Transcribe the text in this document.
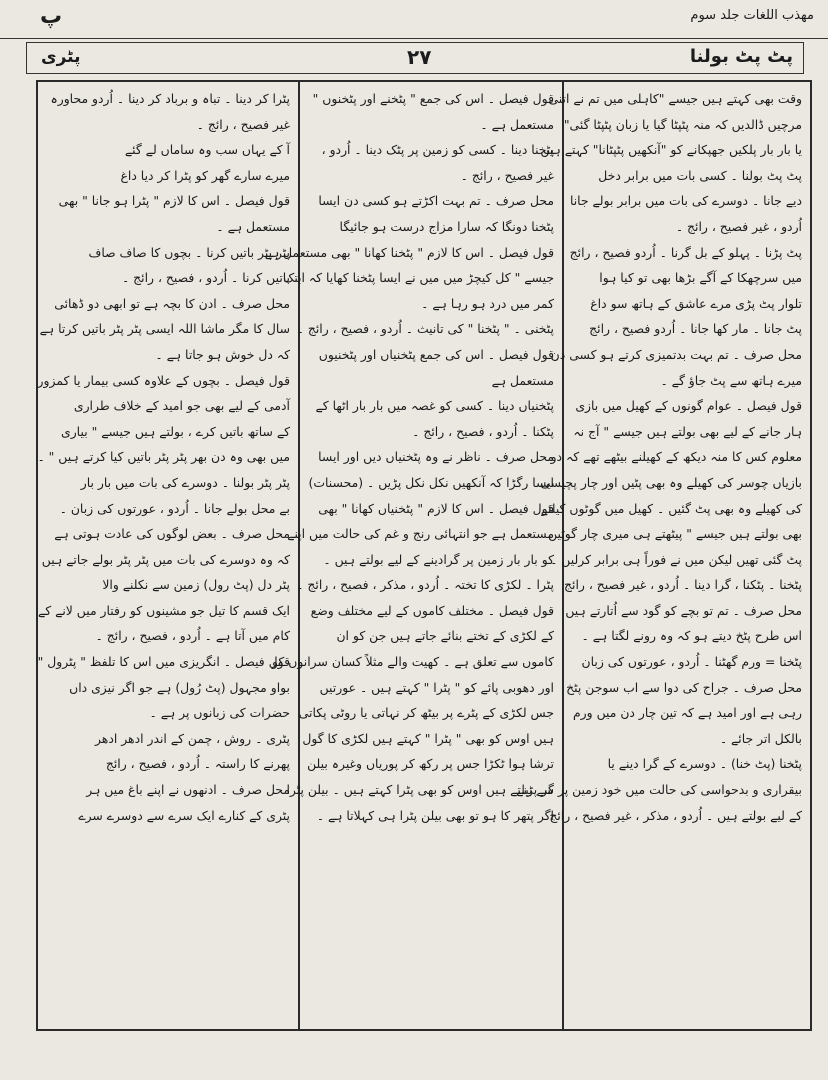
مهذب اللغات جلد سوم
پ
پٹری	٢٧	پٹ پٹ بولنا

وقت بھی کہتے ہیں جیسے "کاہلی میں تم نے اتنی

مرچیں ڈالدیں کہ منہ پٹپٹا گیا یا زبان پٹپٹا گئی"

یا بار بار پلکیں جھپکانے کو "آنکھیں پٹپٹانا" کہتے ہیں

پٹ پٹ بولنا ۔ کسی بات میں برابر دخل

دیے جانا ۔ دوسرے کی بات میں برابر بولے جانا

اُردو ، غیر فصیح ، رائج ۔

پٹ پڑنا ۔ پہلو کے بل گرنا ۔ اُردو فصیح ، رائج

میں سرچھکا کے آگے بڑھا بھی تو کیا ہوا

تلوار پٹ پڑی مرے عاشق کے ہاتھ سو داغ

پٹ جانا ۔ مار کھا جانا ۔ اُردو فصیح ، رائج

محل صرف ۔ تم بہت بدتمیزی کرتے ہو کسی دن

میرے ہاتھ سے پٹ جاؤ گے ۔

قول فیصل ۔ عوام گونوں کے کھیل میں بازی

ہار جانے کے لیے بھی بولتے ہیں جیسے " آج نہ

معلوم کس کا منہ دیکھ کے کھیلنے بیٹھے تھے کہ دو

بازیاں چوسر کی کھیلے وہ بھی پٹیں اور چار پچیسی

کی کھیلے وہ بھی پٹ گئیں ۔ کھیل میں گوٹوں کیلئے

بھی بولتے ہیں جیسے " پیٹھتے ہی میری چار گوٹیں

پٹ گئی تھیں لیکن میں نے فوراً ہی برابر کرلیں ۔

پٹخنا ۔ پٹکنا ، گرا دینا ۔ اُردو ، غیر فصیح ، رائج

محل صرف ۔ تم تو بچے کو گود سے اُتارتے ہیں

اس طرح پٹخ دیتے ہو کہ وہ رونے لگتا ہے ۔

پٹخنا = ورم گھٹنا ۔ اُردو ، عورتوں کی زبان

محل صرف ۔ جراح کی دوا سے اب سوجن پٹخ

رہی ہے اور امید ہے کہ تین چار دن میں ورم

بالکل اتر جائے ۔

پٹخنا (پٹ خنا) ۔ دوسرے کے گرا دینے یا

بیقراری و بدحواسی کی حالت میں خود زمین پر گر پڑنے

کے لیے بولتے ہیں ۔ اُردو ، مذکر ، غیر فصیح ، رائج

قول فیصل ۔ اس کی جمع " پٹخنے اور پٹخنوں "

مستعمل ہے ۔

پٹخنا دینا ۔ کسی کو زمین پر پٹک دینا ۔ اُردو ،

غیر فصیح ، رائج ۔

محل صرف ۔ تم بہت اکڑتے ہو کسی دن ایسا

پٹخنا دونگا کہ سارا مزاج درست ہو جائیگا

قول فیصل ۔ اس کا لازم " پٹخنا کھانا " بھی مستعمل ہے

جیسے " کل کیچڑ میں میں نے ایسا پٹخنا کھایا کہ ابتک

کمر میں درد ہو رہا ہے ۔

پٹخنی ۔ " پٹخنا " کی تانیث ۔ اُردو ، فصیح ، رائج ۔

قول فیصل ۔ اس کی جمع پٹخنیاں اور پٹخنیوں

مستعمل ہے

پٹخنیاں دینا ۔ کسی کو غصہ میں بار بار اٹھا کے

پٹکنا ۔ اُردو ، فصیح ، رائج ۔

محل صرف ۔ ناظر نے وہ پٹخنیاں دیں اور ایسا

ایسا رگڑا کہ آنکھیں نکل نکل پڑیں ۔ (محسنات)

قول فیصل ۔ اس کا لازم " پٹخنیاں کھانا " بھی

مستعمل ہے جو انتہائی رنج و غم کی حالت میں اپنے

کو بار بار زمین پر گرادینے کے لیے بولتے ہیں ۔

پٹرا ۔ لکڑی کا تختہ ۔ اُردو ، مذکر ، فصیح ، رائج ۔

قول فیصل ۔ مختلف کاموں کے لیے مختلف وضع

کے لکڑی کے تختے بنائے جاتے ہیں جن کو ان

کاموں سے تعلق ہے ۔ کھیت والے مثلاً کسان سرانوں کو

اور دھوبی پائے کو " پٹرا " کہتے ہیں ۔ عورتیں

جس لکڑی کے پٹرے پر بیٹھ کر نہاتی یا روٹی پکاتی

ہیں اوس کو بھی " پٹرا " کہتے ہیں لکڑی کا گول

ترشا ہوا ٹکڑا جس پر رکھ کر پوریاں وغیرہ بیلن

سے بیلتے ہیں اوس کو بھی پٹرا کہتے ہیں ۔ بیلن پٹرا

اگر پتھر کا ہو تو بھی بیلن پٹرا ہی کہلاتا ہے ۔

پٹرا کر دینا ۔ تباہ و برباد کر دینا ۔ اُردو محاورہ

غیر فصیح ، رائج ۔

آ کے یہاں سب وہ ساماں لے گئے

میرے سارے گھر کو پٹرا کر دیا داغ

قول فیصل ۔ اس کا لازم " پٹرا ہو جانا " بھی

مستعمل ہے ۔

پٹر پٹر باتیں کرنا ۔ بچوں کا صاف صاف

باتیں کرنا ۔ اُردو ، فصیح ، رائج ۔

محل صرف ۔ ادن کا بچہ ہے تو ابھی دو ڈھائی

سال کا مگر ماشا اللہ ایسی پٹر پٹر باتیں کرتا ہے

کہ دل خوش ہو جاتا ہے ۔

قول فیصل ۔ بچوں کے علاوہ کسی بیمار یا کمزور

آدمی کے لیے بھی جو امید کے خلاف طراری

کے ساتھ باتیں کرے ، بولتے ہیں جیسے " بیاری

میں بھی وہ دن بھر پٹر پٹر باتیں کیا کرتے ہیں " ۔

پٹر پٹر بولنا ۔ دوسرے کی بات میں بار بار

بے محل بولے جانا ۔ اُردو ، عورتوں کی زبان ۔

محل صرف ۔ بعض لوگوں کی عادت ہوتی ہے

کہ وہ دوسرے کی بات میں پٹر پٹر بولے جاتے ہیں

پٹر دل (پٹ رول) زمین سے نکلنے والا

ایک قسم کا تیل جو مشینوں کو رفتار میں لانے کے

کام میں آتا ہے ۔ اُردو ، فصیح ، رائج ۔

قول فیصل ۔ انگریزی میں اس کا تلفظ " پٹرول "

بواو مجہول (پٹ رُول) ہے جو اگر نیزی داں

حضرات کی زبانوں پر ہے ۔

پٹری ۔ روش ، چمن کے اندر ادھر ادھر

پھرنے کا راستہ ۔ اُردو ، فصیح ، رائج

محل صرف ۔ ادنھوں نے اپنے باغ میں ہر

پٹری کے کنارے ایک سرے سے دوسرے سرے
